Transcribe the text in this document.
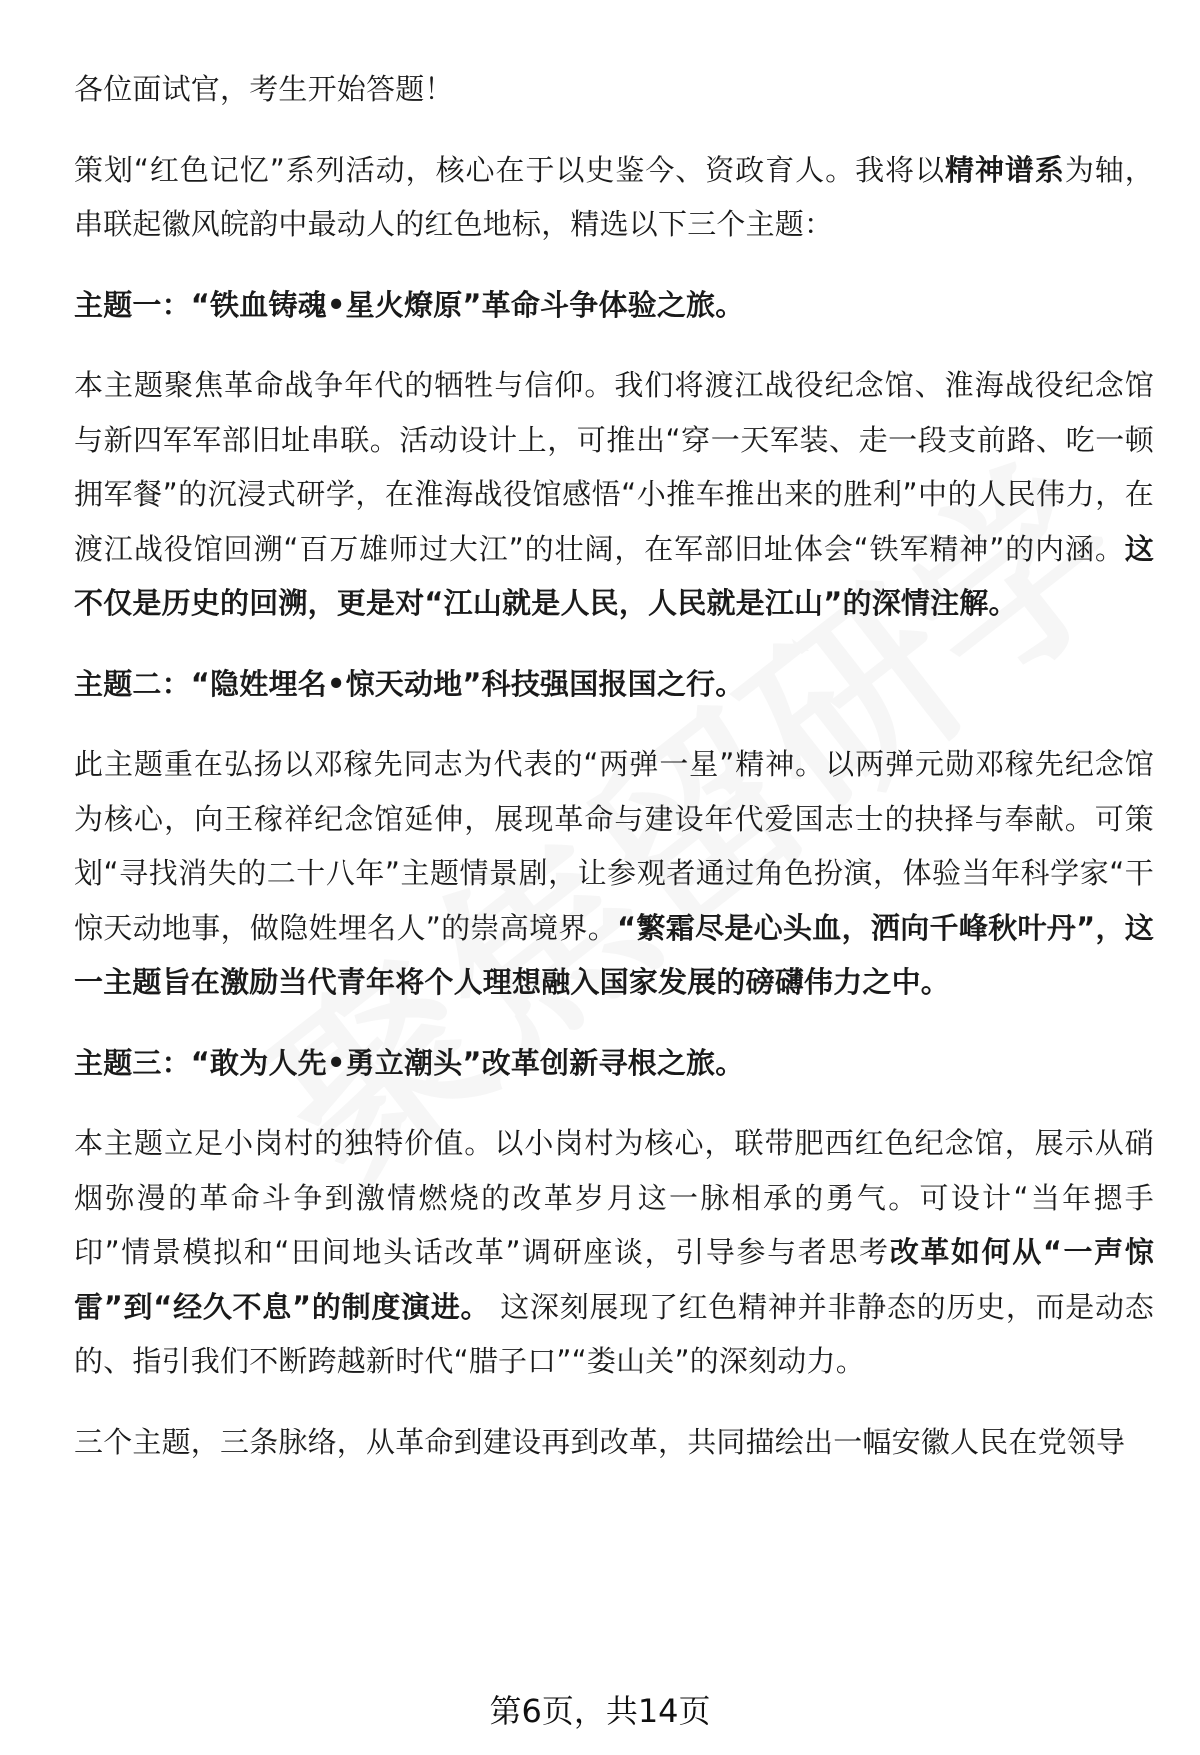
各位面试官，考生开始答题！

策划“红色记忆”系列活动，核心在于以史鉴今、资政育人。我将以精神谱系为轴，串联起徽风皖韵中最动人的红色地标，精选以下三个主题：

主题一：“铁血铸魂•星火燎原”革命斗争体验之旅。

本主题聚焦革命战争年代的牺牲与信仰。我们将渡江战役纪念馆、淮海战役纪念馆与新四军军部旧址串联。活动设计上，可推出“穿一天军装、走一段支前路、吃一顿拥军餐”的沉浸式研学，在淮海战役馆感悟“小推车推出来的胜利”中的人民伟力，在渡江战役馆回溯“百万雄师过大江”的壮阔，在军部旧址体会“铁军精神”的内涵。这不仅是历史的回溯，更是对“江山就是人民，人民就是江山”的深情注解。

主题二：“隐姓埋名•惊天动地”科技强国报国之行。

此主题重在弘扬以邓稼先同志为代表的“两弹一星”精神。以两弹元勋邓稼先纪念馆为核心，向王稼祥纪念馆延伸，展现革命与建设年代爱国志士的抉择与奉献。可策划“寻找消失的二十八年”主题情景剧，让参观者通过角色扮演，体验当年科学家“干惊天动地事，做隐姓埋名人”的崇高境界。“繁霜尽是心头血，洒向千峰秋叶丹”，这一主题旨在激励当代青年将个人理想融入国家发展的磅礴伟力之中。

主题三：“敢为人先•勇立潮头”改革创新寻根之旅。

本主题立足小岗村的独特价值。以小岗村为核心，联带肥西红色纪念馆，展示从硝烟弥漫的革命斗争到激情燃烧的改革岁月这一脉相承的勇气。可设计“当年摁手印”情景模拟和“田间地头话改革”调研座谈，引导参与者思考改革如何从“一声惊雷”到“经久不息”的制度演进。 这深刻展现了红色精神并非静态的历史，而是动态的、指引我们不断跨越新时代“腊子口”“娄山关”的深刻动力。

三个主题，三条脉络，从革命到建设再到改革，共同描绘出一幅安徽人民在党领导

第6页，共14页
